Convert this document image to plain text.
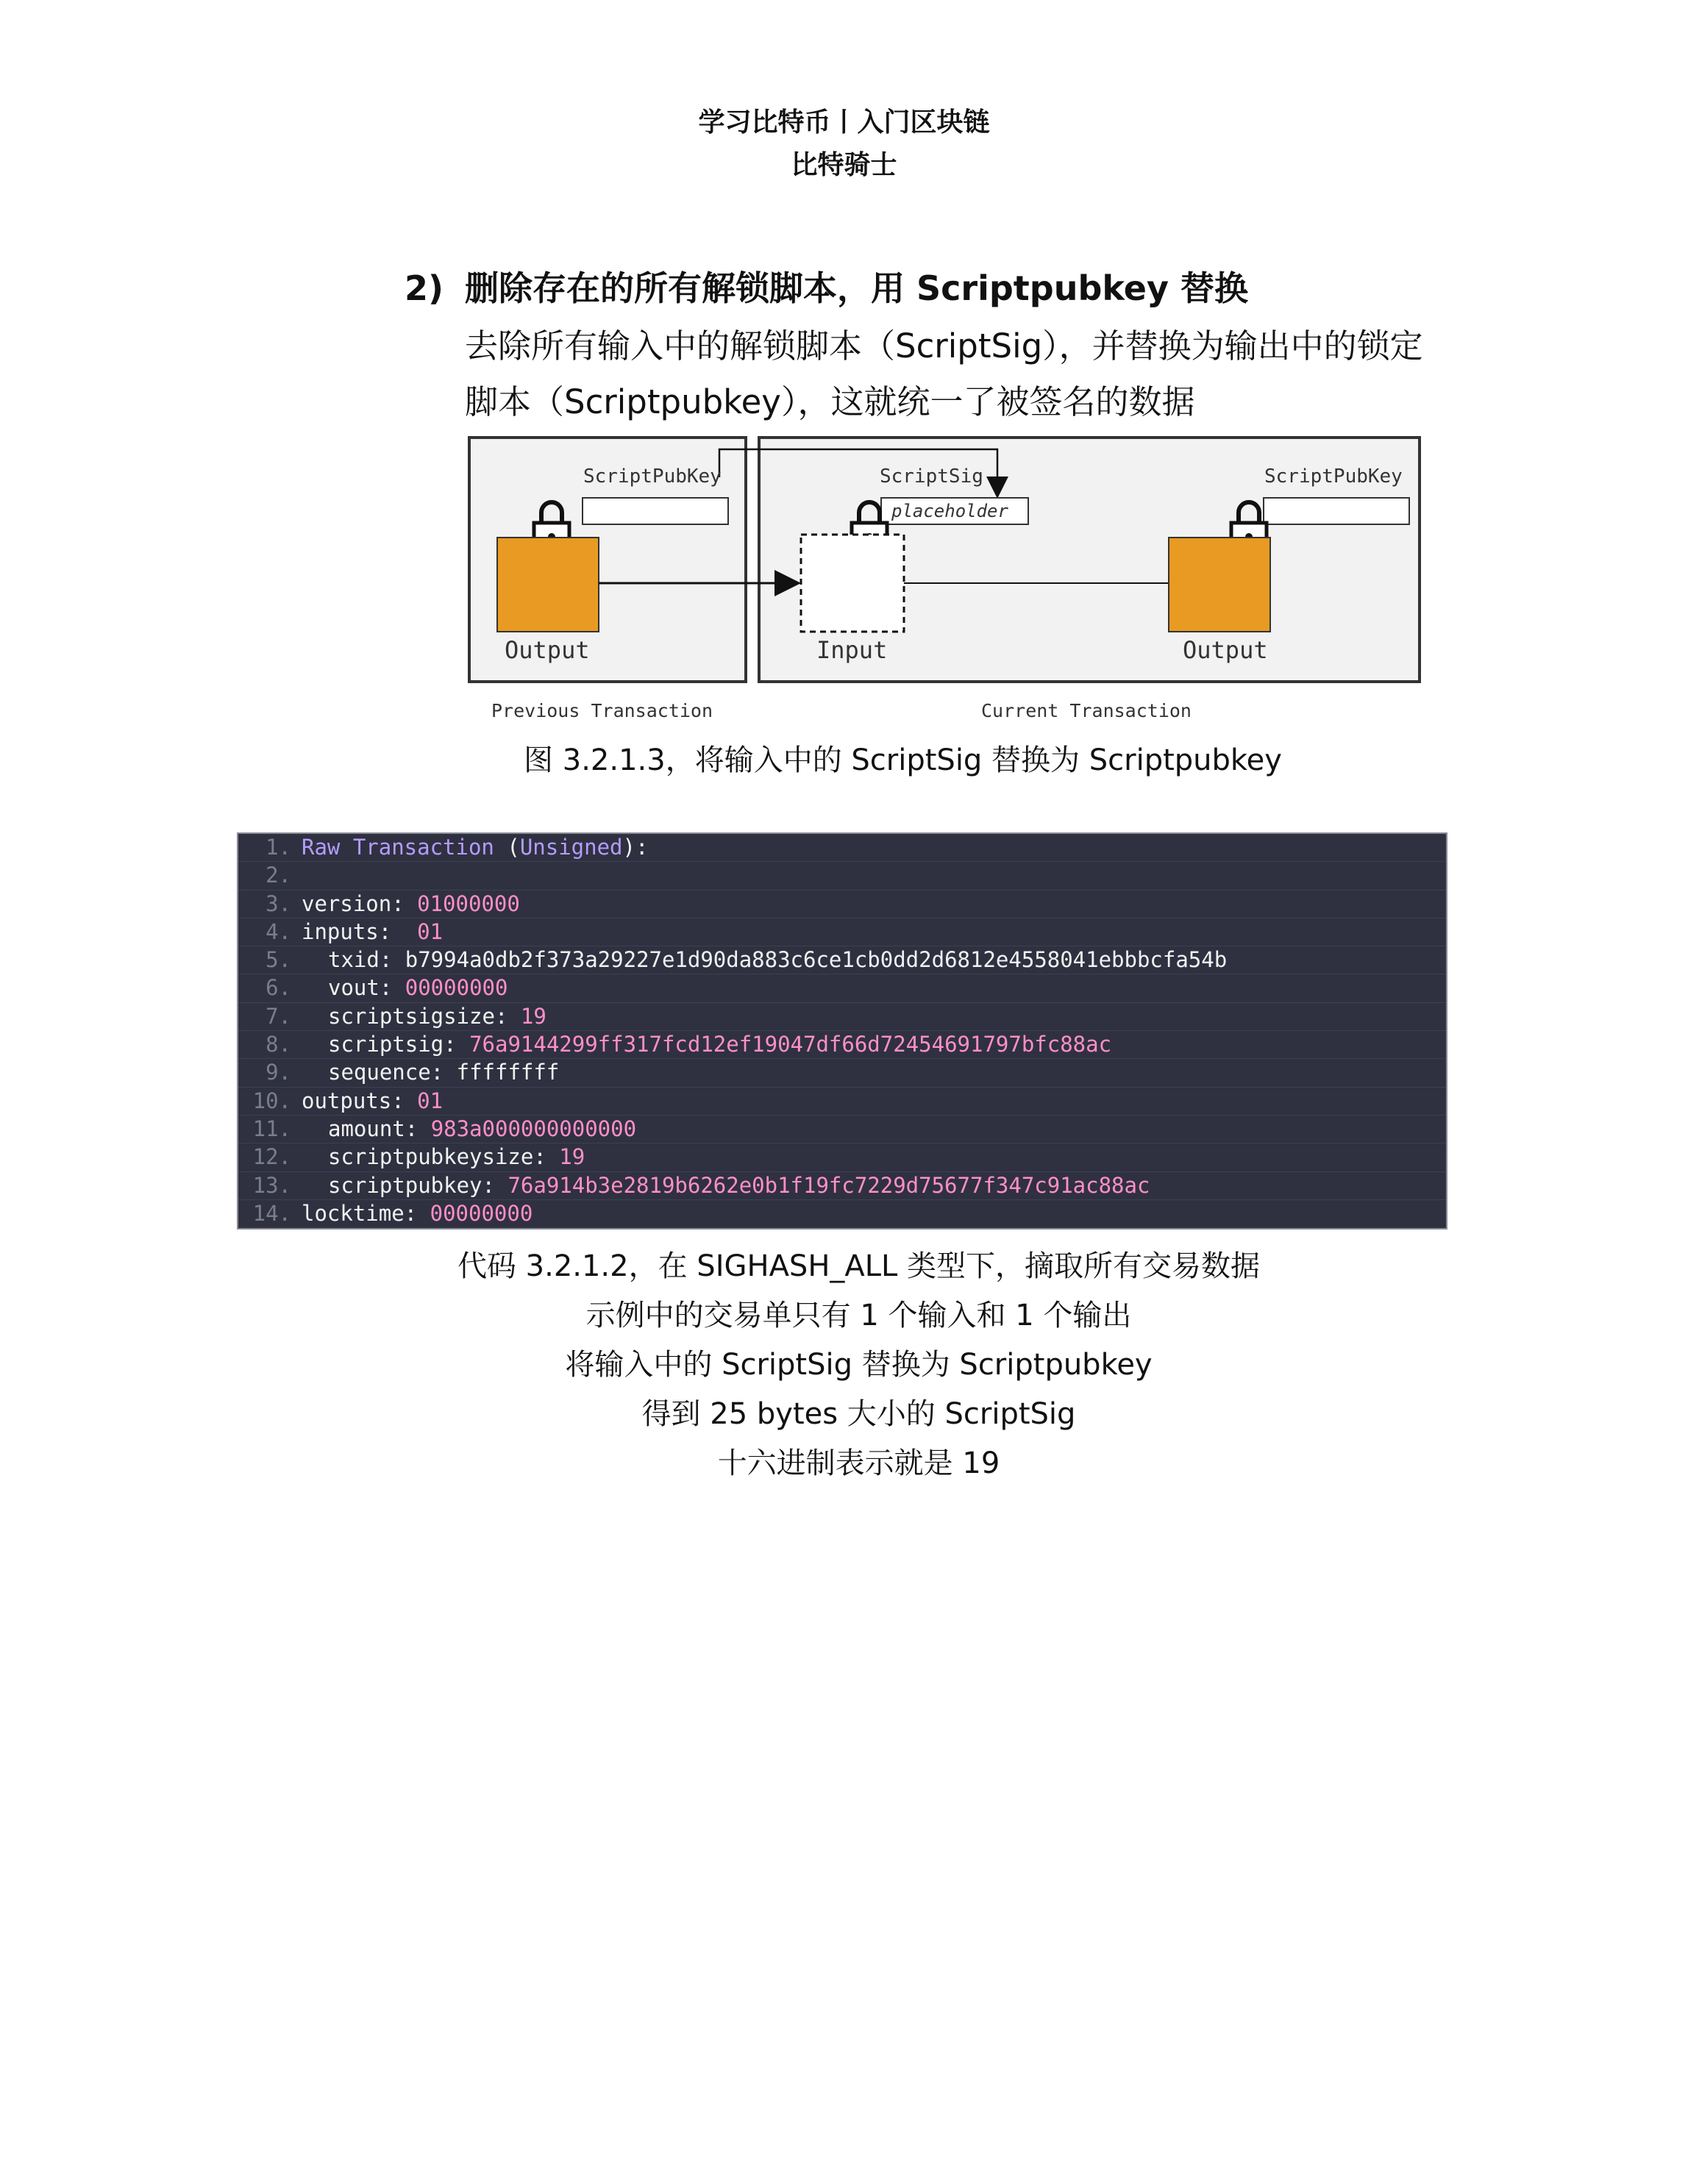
学习比特币丨入门区块链
比特骑士
2) 删除存在的所有解锁脚本，用 Scriptpubkey 替换
去除所有输入中的解锁脚本（ScriptSig），并替换为输出中的锁定
脚本（Scriptpubkey），这就统一了被签名的数据
ScriptPubKey
Output
ScriptSig
placeholder
Input
ScriptPubKey
Output
Previous Transaction	Current Transaction
图 3.2.1.3，将输入中的 ScriptSig 替换为 Scriptpubkey
1. Raw Transaction (Unsigned):
2.
3. version: 01000000
4. inputs:  01
5. txid: b7994a0db2f373a29227e1d90da883c6ce1cb0dd2d6812e4558041ebbbcfa54b
6. vout: 00000000
7. scriptsigsize: 19
8. scriptsig: 76a9144299ff317fcd12ef19047df66d72454691797bfc88ac
9. sequence: ffffffff
10. outputs: 01
11. amount: 983a000000000000
12. scriptpubkeysize: 19
13. scriptpubkey: 76a914b3e2819b6262e0b1f19fc7229d75677f347c91ac88ac
14. locktime: 00000000
代码 3.2.1.2，在 SIGHASH_ALL 类型下，摘取所有交易数据
示例中的交易单只有 1 个输入和 1 个输出
将输入中的 ScriptSig 替换为 Scriptpubkey
得到 25 bytes 大小的 ScriptSig
十六进制表示就是 19
